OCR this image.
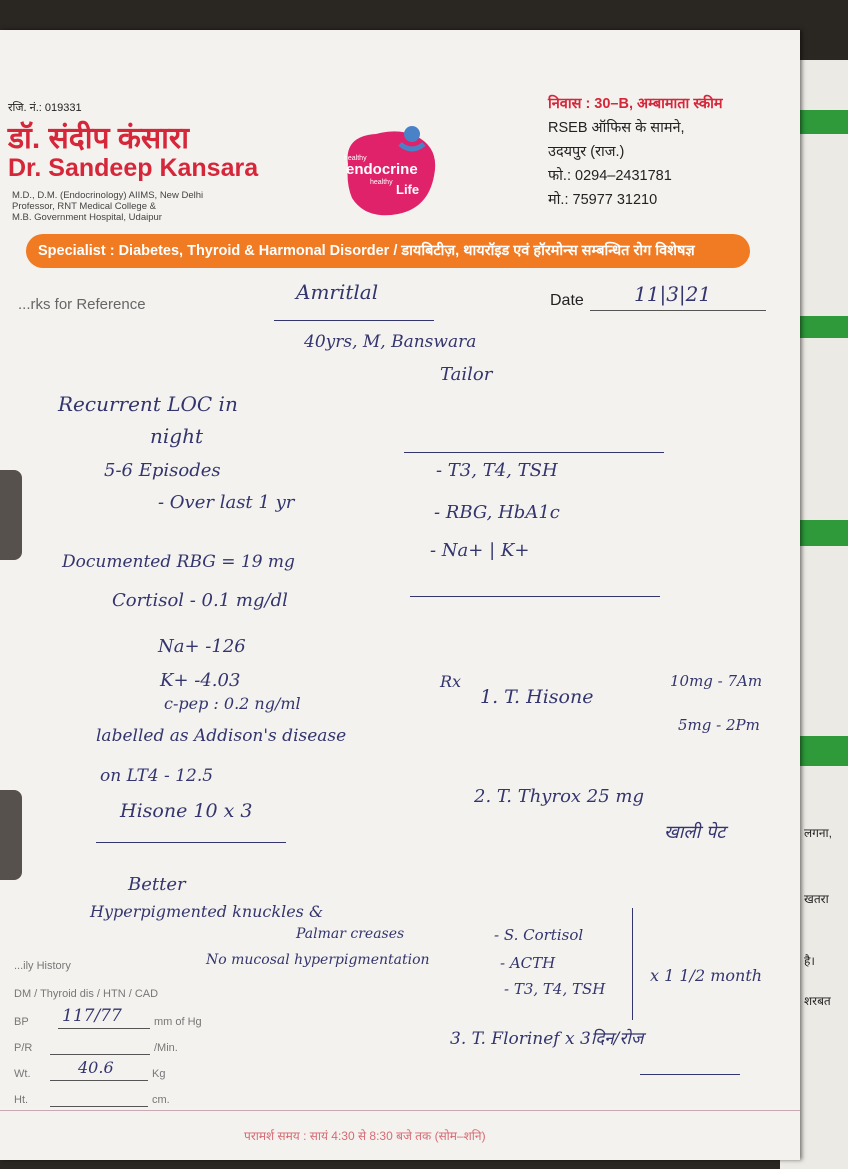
लगना,
खतरा
है।
शरबत
रजि. नं.: 019331
डॉ. संदीप कंसारा
Dr. Sandeep Kansara
M.D., D.M. (Endocrinology) AIIMS, New Delhi
Professor, RNT Medical College &
M.B. Government Hospital, Udaipur
healthy
endocrine
healthy Life
निवास : 30–B, अम्बामाता स्कीम
RSEB ऑफिस के सामने,
उदयपुर (राज.)
फो.: 0294–2431781
मो.: 75977 31210
Specialist : Diabetes, Thyroid & Harmonal Disorder / डायबिटीज़, थायरॉइड एवं हॉरमोन्स सम्बन्धित रोग विशेषज्ञ
...rks for Reference	Date	11|3|21
Amritlal
40yrs, M, Banswara
Tailor
Recurrent LOC in
night
5-6 Episodes
- Over last 1 yr
Documented RBG = 19 mg
Cortisol - 0.1 mg/dl
Na+ -126
K+ -4.03
c-pep : 0.2 ng/ml
labelled as Addison's disease
on LT4 - 12.5
Hisone 10 x 3
Better
Hyperpigmented knuckles &
Palmar creases
No mucosal hyperpigmentation
- T3, T4, TSH
- RBG, HbA1c
- Na+ | K+
Rx
1. T. Hisone
10mg - 7Am
5mg - 2Pm
2. T. Thyrox 25 mg
खाली पेट
3. T. Florinef x 3दिन/रोज
- S. Cortisol
- ACTH
- T3, T4, TSH
x 1 1/2 month
...ily History
DM / Thyroid dis / HTN / CAD
BP 117/77	mm of Hg
P/R	/Min.
Wt.	40.6	Kg
Ht.	cm.
परामर्श समय : सायं 4:30 से 8:30 बजे तक (सोम–शनि)
